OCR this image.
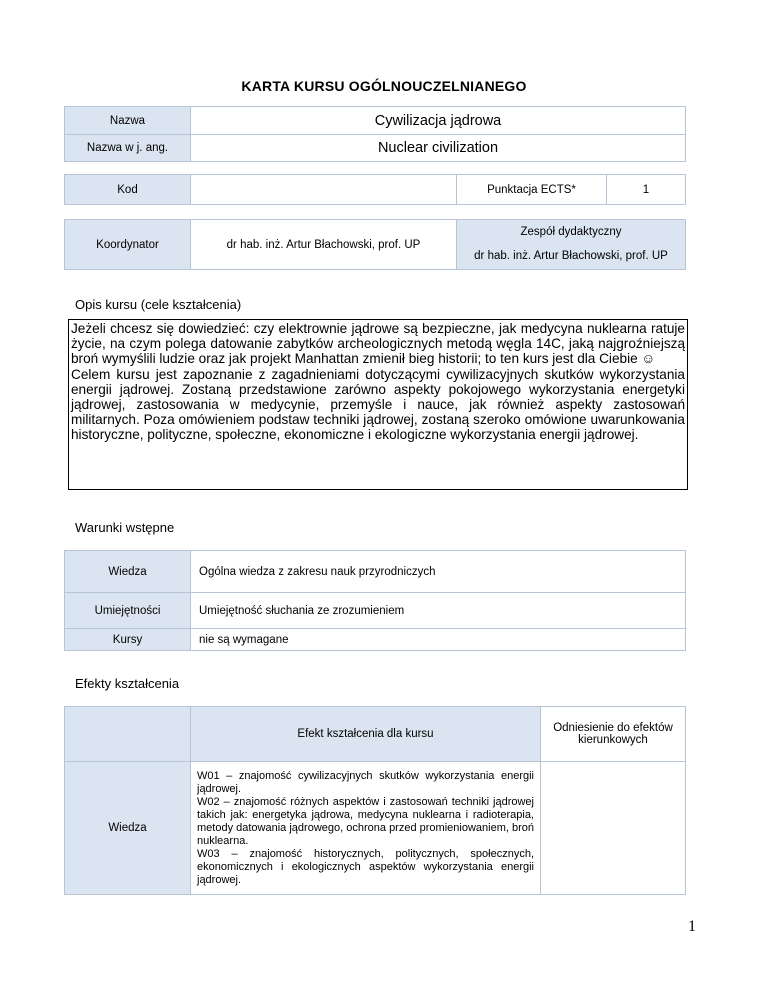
KARTA KURSU OGÓLNOUCZELNIANEGO
Nazwa	Cywilizacja jądrowa
Nazwa w j. ang.	Nuclear civilization
Kod		Punktacja ECTS*	1
Koordynator	dr hab. inż. Artur Błachowski, prof. UP	
Zespół dydaktyczny
dr hab. inż. Artur Błachowski, prof. UP
Opis kursu (cele kształcenia)

Jeżeli chcesz się dowiedzieć: czy elektrownie jądrowe są bezpieczne, jak medycyna nuklearna ratuje życie, na czym polega datowanie zabytków archeologicznych metodą węgla 14C, jaką najgroźniejszą broń wymyślili ludzie oraz jak projekt Manhattan zmienił bieg historii; to ten kurs jest dla Ciebie ☺

Celem kursu jest zapoznanie z zagadnieniami dotyczącymi cywilizacyjnych skutków wykorzystania energii jądrowej. Zostaną przedstawione zarówno aspekty pokojowego wykorzystania energetyki jądrowej, zastosowania w medycynie, przemyśle i nauce, jak również aspekty zastosowań militarnych. Poza omówieniem podstaw techniki jądrowej, zostaną szeroko omówione uwarunkowania historyczne, polityczne, społeczne, ekonomiczne i ekologiczne wykorzystania energii jądrowej.

Warunki wstępne
Wiedza	Ogólna wiedza z zakresu nauk przyrodniczych
Umiejętności	Umiejętność słuchania ze zrozumieniem
Kursy	nie są wymagane
Efekty kształcenia
	Efekt kształcenia dla kursu	Odniesienie do efektów kierunkowych
Wiedza	W01 – znajomość cywilizacyjnych skutków wykorzystania energii jądrowej.

W02 – znajomość różnych aspektów i zastosowań techniki jądrowej takich jak: energetyka jądrowa, medycyna nuklearna i radioterapia, metody datowania jądrowego, ochrona przed promieniowaniem, broń nuklearna.

W03 – znajomość historycznych, politycznych, społecznych, ekonomicznych i ekologicznych aspektów wykorzystania energii jądrowej.	

1
